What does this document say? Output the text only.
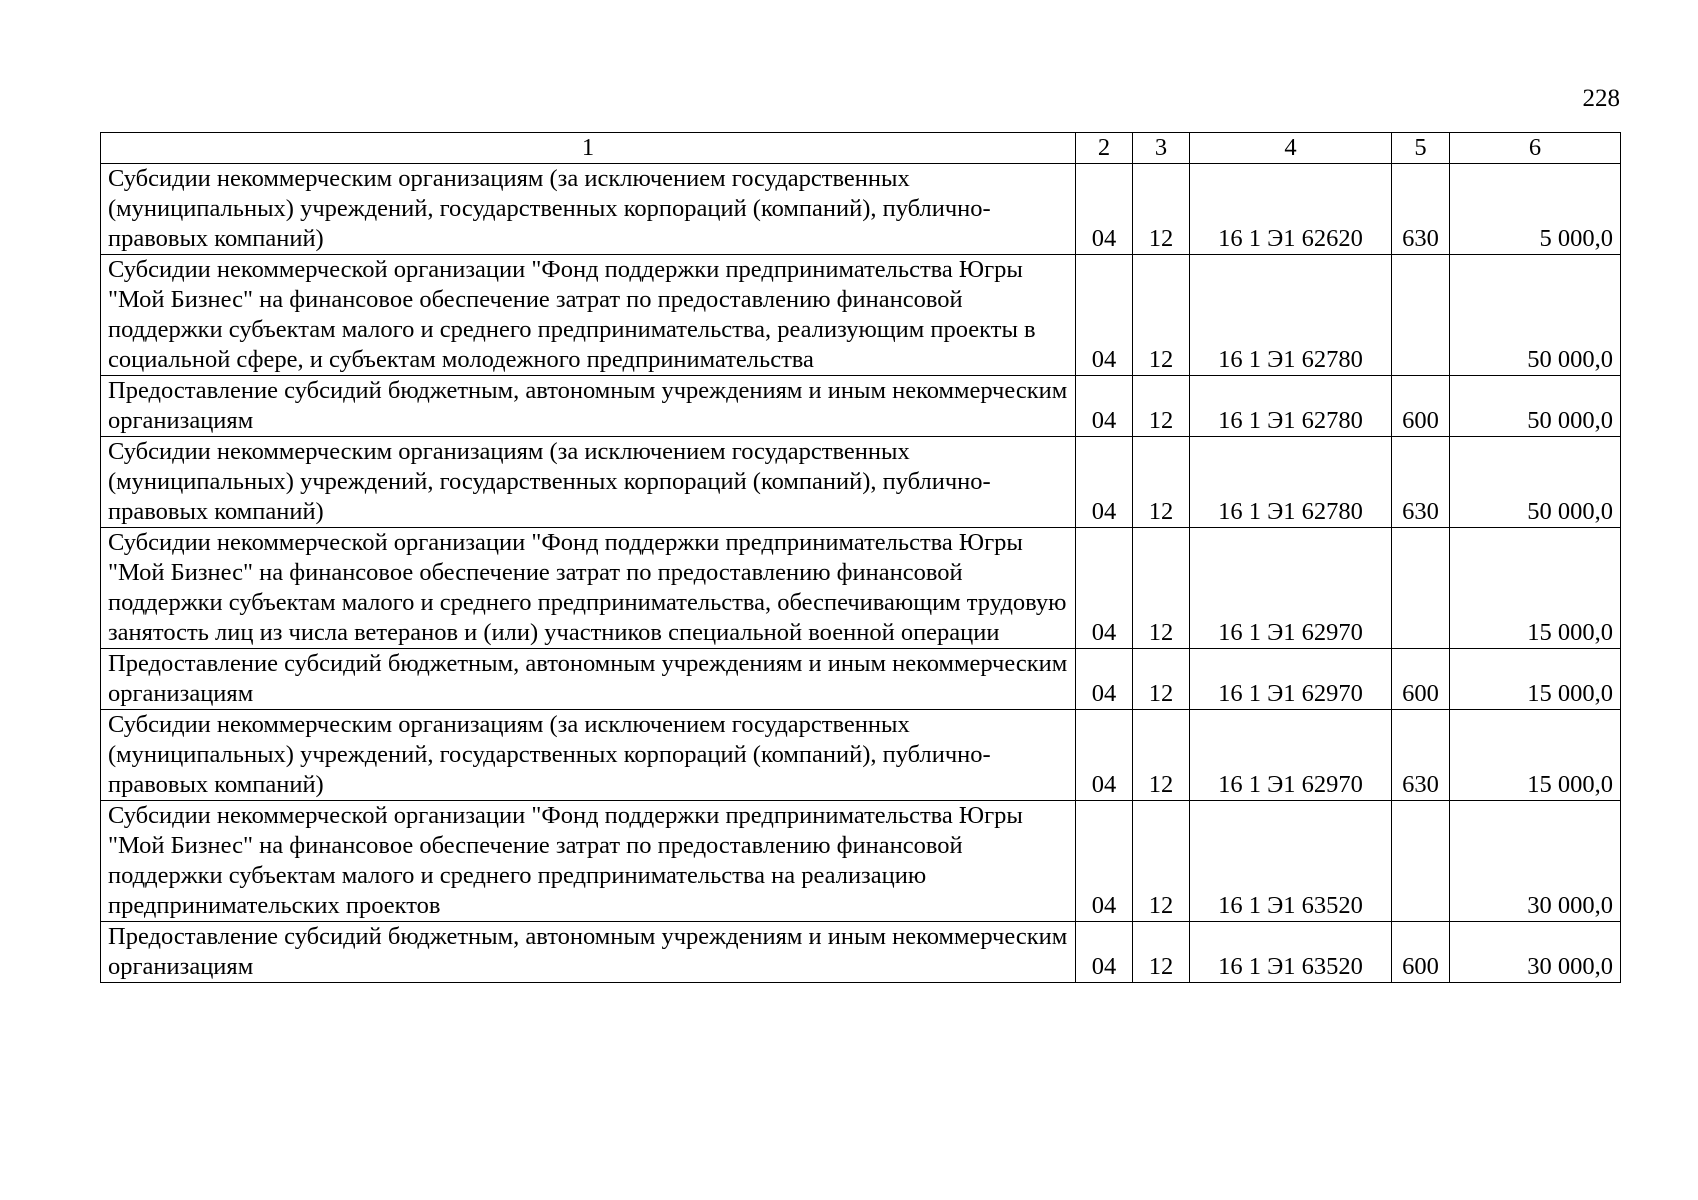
228
1	2	3	4	5	6
Субсидии некоммерческим организациям (за исключением государственных (муниципальных) учреждений, государственных корпораций (компаний), публично-правовых компаний)	04	12	16 1 Э1 62620	630	5 000,0
Субсидии некоммерческой организации "Фонд поддержки предпринимательства Югры "Мой Бизнес" на финансовое обеспечение затрат по предоставлению финансовой поддержки субъектам малого и среднего предпринимательства, реализующим проекты в социальной сфере, и субъектам молодежного предпринимательства	04	12	16 1 Э1 62780		50 000,0
Предоставление субсидий бюджетным, автономным учреждениям и иным некоммерческим организациям	04	12	16 1 Э1 62780	600	50 000,0
Субсидии некоммерческим организациям (за исключением государственных (муниципальных) учреждений, государственных корпораций (компаний), публично-правовых компаний)	04	12	16 1 Э1 62780	630	50 000,0
Субсидии некоммерческой организации "Фонд поддержки предпринимательства Югры "Мой Бизнес" на финансовое обеспечение затрат по предоставлению финансовой поддержки субъектам малого и среднего предпринимательства, обеспечивающим трудовую занятость лиц из числа ветеранов и (или) участников специальной военной операции	04	12	16 1 Э1 62970		15 000,0
Предоставление субсидий бюджетным, автономным учреждениям и иным некоммерческим организациям	04	12	16 1 Э1 62970	600	15 000,0
Субсидии некоммерческим организациям (за исключением государственных (муниципальных) учреждений, государственных корпораций (компаний), публично-правовых компаний)	04	12	16 1 Э1 62970	630	15 000,0
Субсидии некоммерческой организации "Фонд поддержки предпринимательства Югры "Мой Бизнес" на финансовое обеспечение затрат по предоставлению финансовой поддержки субъектам малого и среднего предпринимательства на реализацию предпринимательских проектов	04	12	16 1 Э1 63520		30 000,0
Предоставление субсидий бюджетным, автономным учреждениям и иным некоммерческим организациям	04	12	16 1 Э1 63520	600	30 000,0
